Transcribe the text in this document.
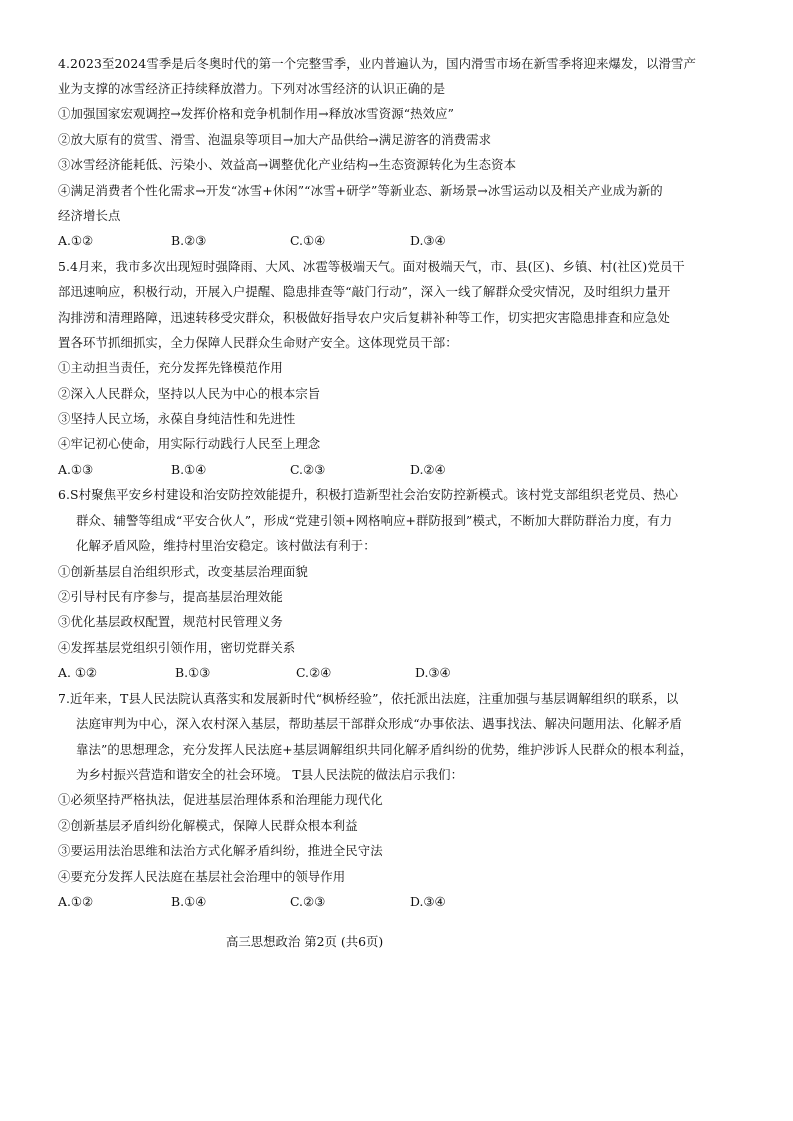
4.2023至2024雪季是后冬奥时代的第一个完整雪季，业内普遍认为，国内滑雪市场在新雪季将迎来爆发，以滑雪产
业为支撑的冰雪经济正持续释放潜力。下列对冰雪经济的认识正确的是
①加强国家宏观调控→发挥价格和竞争机制作用→释放冰雪资源“热效应”
②放大原有的赏雪、滑雪、泡温泉等项目→加大产品供给→满足游客的消费需求
③冰雪经济能耗低、污染小、效益高→调整优化产业结构→生态资源转化为生态资本
④满足消费者个性化需求→开发“冰雪+休闲”“冰雪+研学”等新业态、新场景→冰雪运动以及相关产业成为新的
经济增长点
A.①②	B.②③	C.①④	D.③④
5.4月来，我市多次出现短时强降雨、大风、冰雹等极端天气。面对极端天气，市、县(区)、乡镇、村(社区)党员干
部迅速响应，积极行动，开展入户提醒、隐患排查等“敲门行动”，深入一线了解群众受灾情况，及时组织力量开
沟排涝和清理路障，迅速转移受灾群众，积极做好指导农户灾后复耕补种等工作，切实把灾害隐患排查和应急处
置各环节抓细抓实，全力保障人民群众生命财产安全。这体现党员干部：
①主动担当责任，充分发挥先锋模范作用
②深入人民群众，坚持以人民为中心的根本宗旨
③坚持人民立场，永葆自身纯洁性和先进性
④牢记初心使命，用实际行动践行人民至上理念
A.①③	B.①④	C.②③	D.②④
6.S村聚焦平安乡村建设和治安防控效能提升，积极打造新型社会治安防控新模式。该村党支部组织老党员、热心
群众、辅警等组成“平安合伙人”，形成“党建引领+网格响应+群防报到”模式，不断加大群防群治力度，有力
化解矛盾风险，维持村里治安稳定。该村做法有利于：
①创新基层自治组织形式，改变基层治理面貌
②引导村民有序参与，提高基层治理效能
③优化基层政权配置，规范村民管理义务
④发挥基层党组织引领作用，密切党群关系
A. ①②	B.①③	C.②④	D.③④
7.近年来，T县人民法院认真落实和发展新时代“枫桥经验”，依托派出法庭，注重加强与基层调解组织的联系，以
法庭审判为中心，深入农村深入基层，帮助基层干部群众形成“办事依法、遇事找法、解决问题用法、化解矛盾
靠法”的思想理念，充分发挥人民法庭+基层调解组织共同化解矛盾纠纷的优势，维护涉诉人民群众的根本利益，
为乡村振兴营造和谐安全的社会环境。 T县人民法院的做法启示我们：
①必须坚持严格执法，促进基层治理体系和治理能力现代化
②创新基层矛盾纠纷化解模式，保障人民群众根本利益
③要运用法治思维和法治方式化解矛盾纠纷，推进全民守法
④要充分发挥人民法庭在基层社会治理中的领导作用
A.①②	B.①④	C.②③	D.③④
高三思想政治 第2页 (共6页)
